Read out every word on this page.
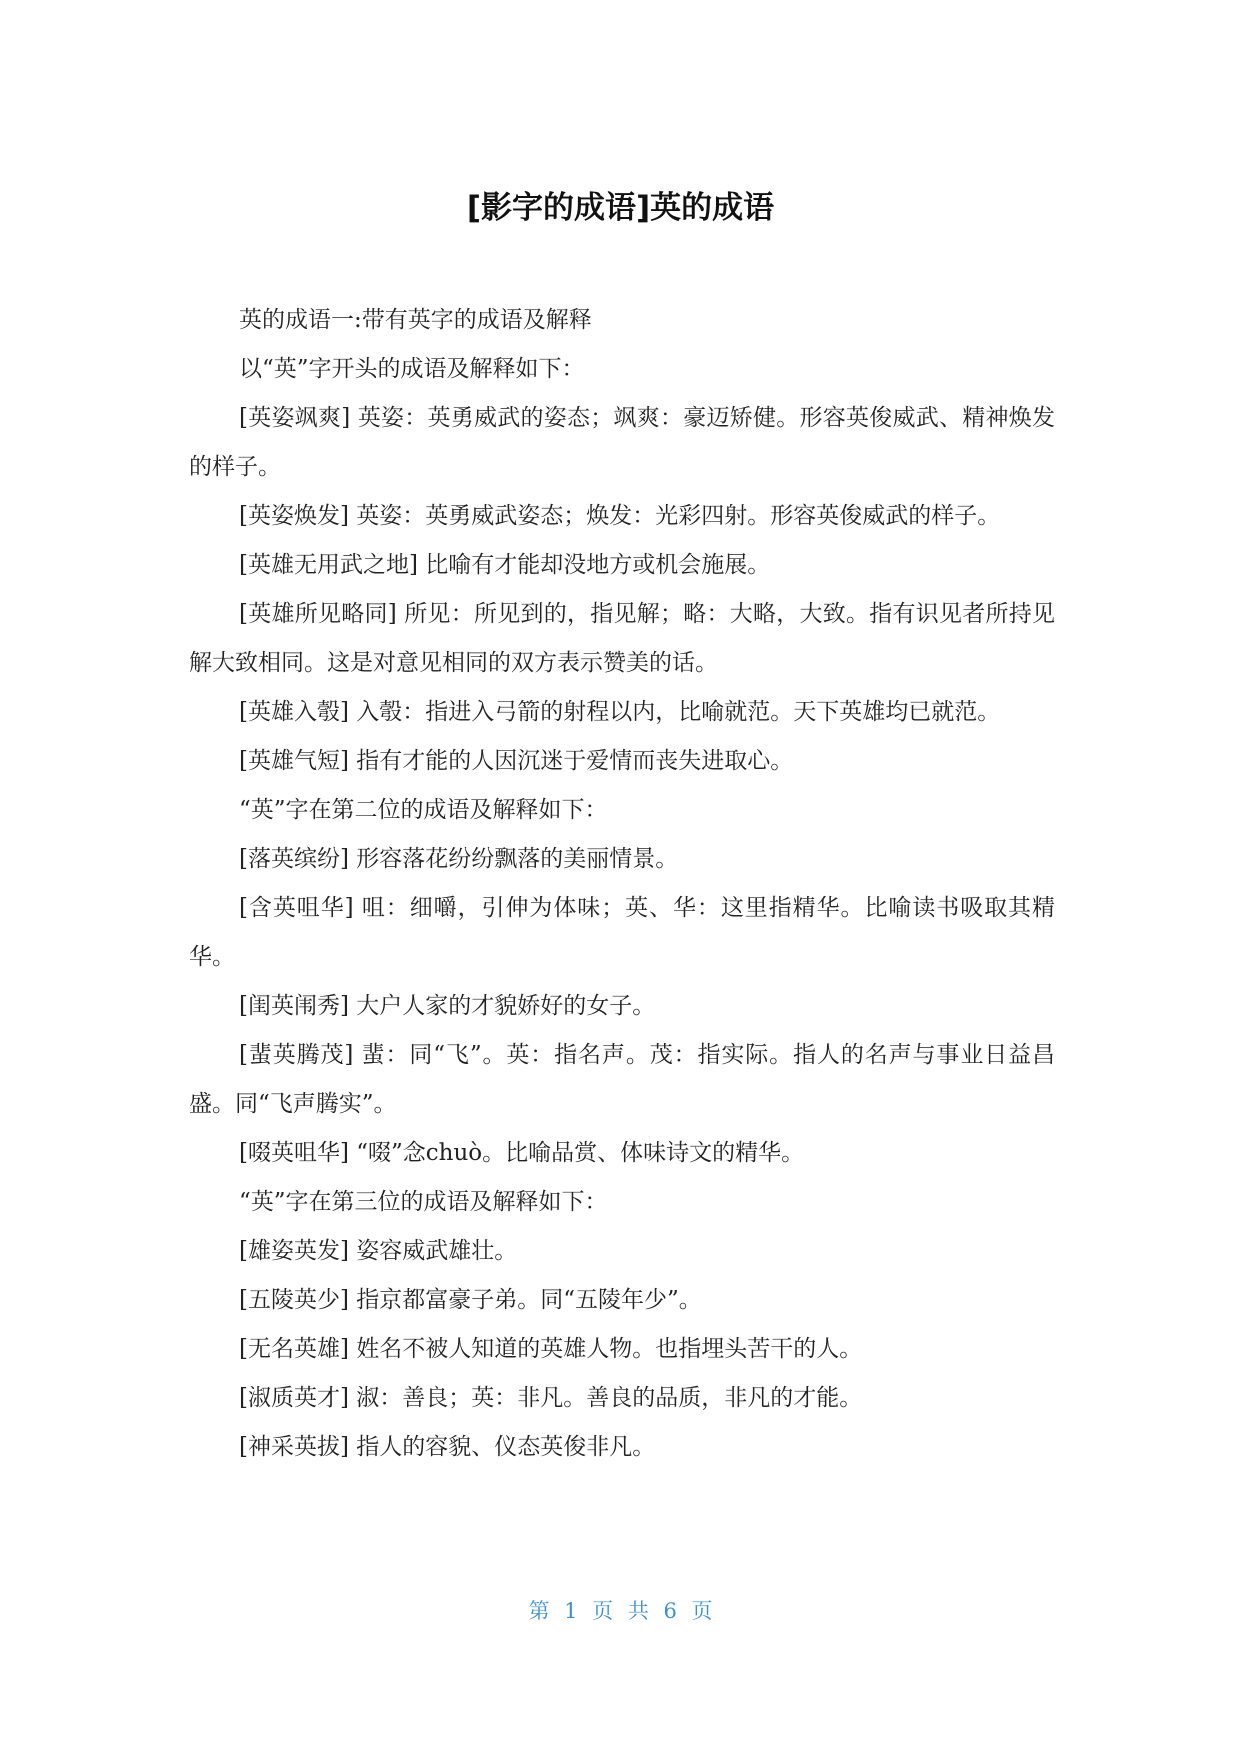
[影字的成语]英的成语

英的成语一:带有英字的成语及解释

以“英”字开头的成语及解释如下：

[英姿飒爽] 英姿：英勇威武的姿态；飒爽：豪迈矫健。形容英俊威武、精神焕发的样子。

[英姿焕发] 英姿：英勇威武姿态；焕发：光彩四射。形容英俊威武的样子。

[英雄无用武之地] 比喻有才能却没地方或机会施展。

[英雄所见略同] 所见：所见到的，指见解；略：大略，大致。指有识见者所持见解大致相同。这是对意见相同的双方表示赞美的话。

[英雄入彀] 入彀：指进入弓箭的射程以内，比喻就范。天下英雄均已就范。

[英雄气短] 指有才能的人因沉迷于爱情而丧失进取心。

“英”字在第二位的成语及解释如下：

[落英缤纷] 形容落花纷纷飘落的美丽情景。

[含英咀华] 咀：细嚼，引伸为体味；英、华：这里指精华。比喻读书吸取其精华。

[闺英闱秀] 大户人家的才貌娇好的女子。

[蜚英腾茂] 蜚：同“飞”。英：指名声。茂：指实际。指人的名声与事业日益昌盛。同“飞声腾实”。

[啜英咀华] “啜”念chuò。比喻品赏、体味诗文的精华。

“英”字在第三位的成语及解释如下：

[雄姿英发] 姿容威武雄壮。

[五陵英少] 指京都富豪子弟。同“五陵年少”。

[无名英雄] 姓名不被人知道的英雄人物。也指埋头苦干的人。

[淑质英才] 淑：善良；英：非凡。善良的品质，非凡的才能。

[神采英拔] 指人的容貌、仪态英俊非凡。

第 1 页 共 6 页
